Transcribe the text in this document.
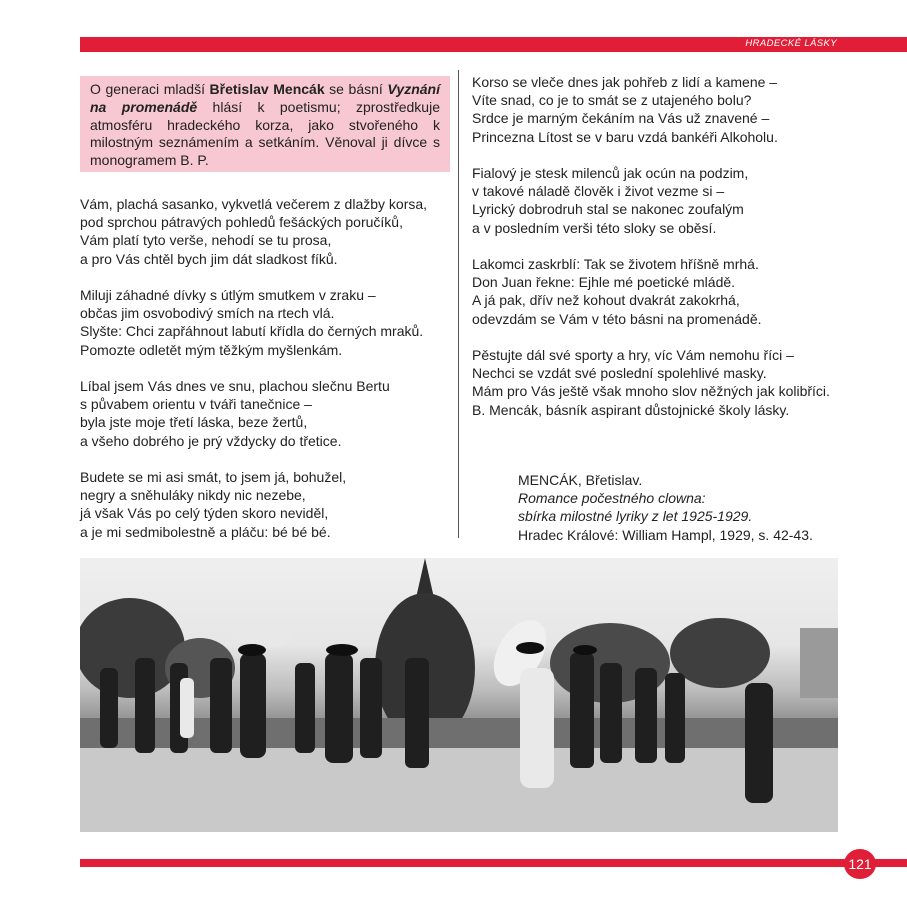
HRADECKÉ LÁSKY

O generaci mladší Břetislav Mencák se básní Vyznání na promenádě hlásí k poetismu; zprostředkuje atmosféru hradeckého korza, jako stvořeného k milostným seznámením a setkáním. Věnoval ji dívce s monogramem B. P.

Vám, plachá sasanko, vykvetlá večerem z dlažby korsa,
pod sprchou pátravých pohledů fešáckých poručíků,
Vám platí tyto verše, nehodí se tu prosa,
a pro Vás chtěl bych jim dát sladkost fíků.
Miluji záhadné dívky s útlým smutkem v zraku –
občas jim osvobodivý smích na rtech vlá.
Slyšte: Chci zapřáhnout labutí křídla do černých mraků.
Pomozte odletět mým těžkým myšlenkám.
Líbal jsem Vás dnes ve snu, plachou slečnu Bertu
s půvabem orientu v tváři tanečnice –
byla jste moje třetí láska, beze žertů,
a všeho dobrého je prý vždycky do třetice.
Budete se mi asi smát, to jsem já, bohužel,
negry a sněhuláky nikdy nic nezebe,
já však Vás po celý týden skoro neviděl,
a je mi sedmibolestně a pláču: bé bé bé.
Korso se vleče dnes jak pohřeb z lidí a kamene –
Víte snad, co je to smát se z utajeného bolu?
Srdce je marným čekáním na Vás už znavené –
Princezna Lítost se v baru vzdá bankéři Alkoholu.
Fialový je stesk milenců jak ocún na podzim,
v takové náladě člověk i život vezme si –
Lyrický dobrodruh stal se nakonec zoufalým
a v posledním verši této sloky se oběsí.
Lakomci zaskrblí: Tak se životem hříšně mrhá.
Don Juan řekne: Ejhle mé poetické mládě.
A já pak, dřív než kohout dvakrát zakokrhá,
odevzdám se Vám v této básni na promenádě.
Pěstujte dál své sporty a hry, víc Vám nemohu říci –
Nechci se vzdát své poslední spolehlivé masky.
Mám pro Vás ještě však mnoho slov něžných jak kolibříci.
B. Mencák, básník aspirant důstojnické školy lásky.
MENCÁK, Břetislav.
Romance počestného clowna:
sbírka milostné lyriky z let 1925-1929.
Hradec Králové: William Hampl, 1929, s. 42-43.
121
